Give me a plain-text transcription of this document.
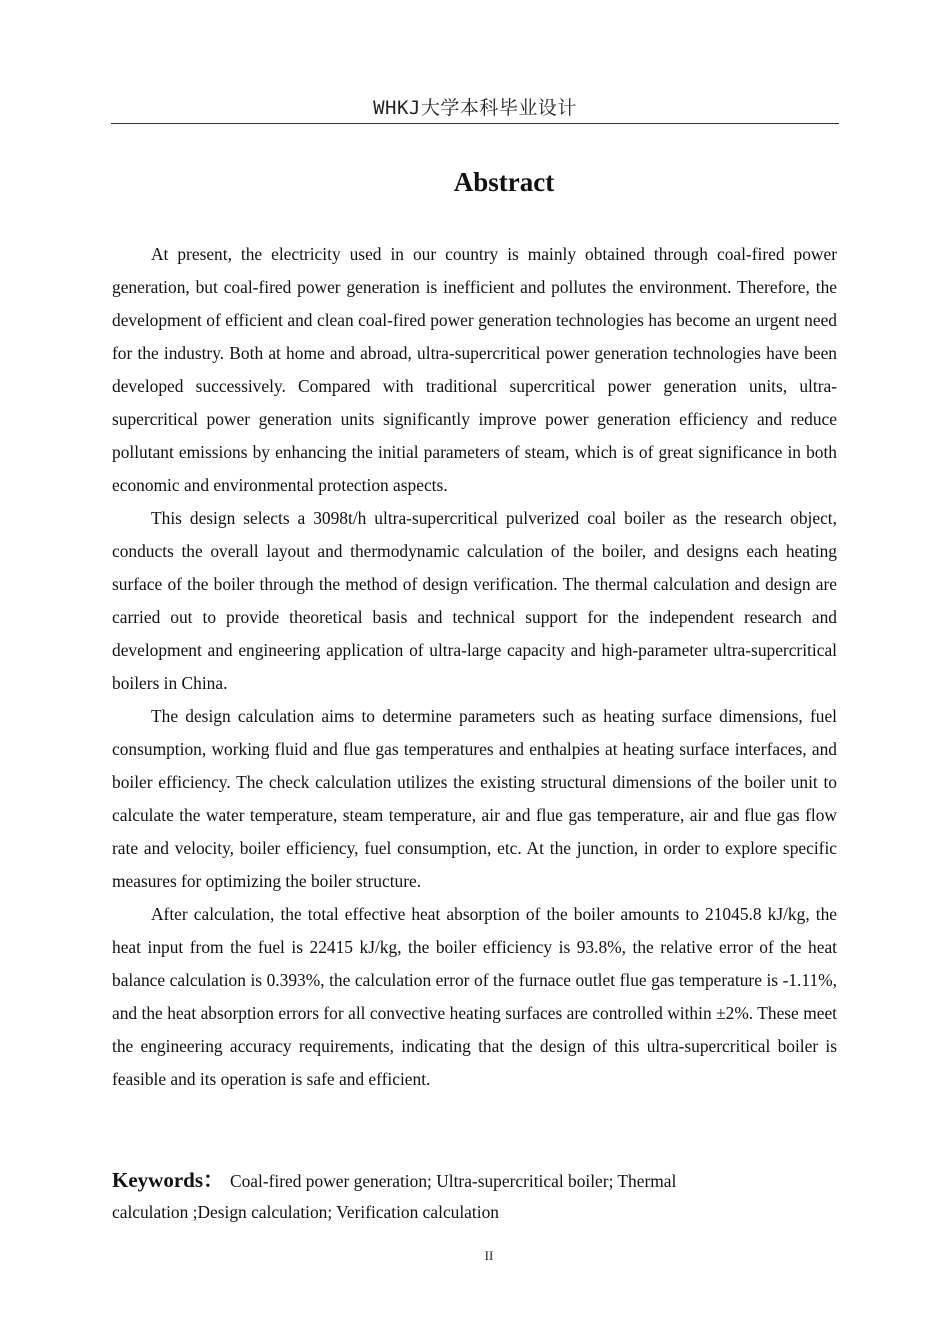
WHKJ大学本科毕业设计
Abstract

At present, the electricity used in our country is mainly obtained through coal-fired power generation, but coal-fired power generation is inefficient and pollutes the environment. Therefore, the development of efficient and clean coal-fired power generation technologies has become an urgent need for the industry. Both at home and abroad, ultra-supercritical power generation technologies have been developed successively. Compared with traditional supercritical power generation units, ultra-supercritical power generation units significantly improve power generation efficiency and reduce pollutant emissions by enhancing the initial parameters of steam, which is of great significance in both economic and environmental protection aspects.

This design selects a 3098t/h ultra-supercritical pulverized coal boiler as the research object, conducts the overall layout and thermodynamic calculation of the boiler, and designs each heating surface of the boiler through the method of design verification. The thermal calculation and design are carried out to provide theoretical basis and technical support for the independent research and development and engineering application of ultra-large capacity and high-parameter ultra-supercritical boilers in China.

The design calculation aims to determine parameters such as heating surface dimensions, fuel consumption, working fluid and flue gas temperatures and enthalpies at heating surface interfaces, and boiler efficiency. The check calculation utilizes the existing structural dimensions of the boiler unit to calculate the water temperature, steam temperature, air and flue gas temperature, air and flue gas flow rate and velocity, boiler efficiency, fuel consumption, etc. At the junction, in order to explore specific measures for optimizing the boiler structure.

After calculation, the total effective heat absorption of the boiler amounts to 21045.8 kJ/kg, the heat input from the fuel is 22415 kJ/kg, the boiler efficiency is 93.8%, the relative error of the heat balance calculation is 0.393%, the calculation error of the furnace outlet flue gas temperature is -1.11%, and the heat absorption errors for all convective heating surfaces are controlled within ±2%. These meet the engineering accuracy requirements, indicating that the design of this ultra-supercritical boiler is feasible and its operation is safe and efficient.

Keywords： Coal-fired power generation; Ultra-supercritical boiler; Thermal calculation ;Design calculation; Verification calculation
II
